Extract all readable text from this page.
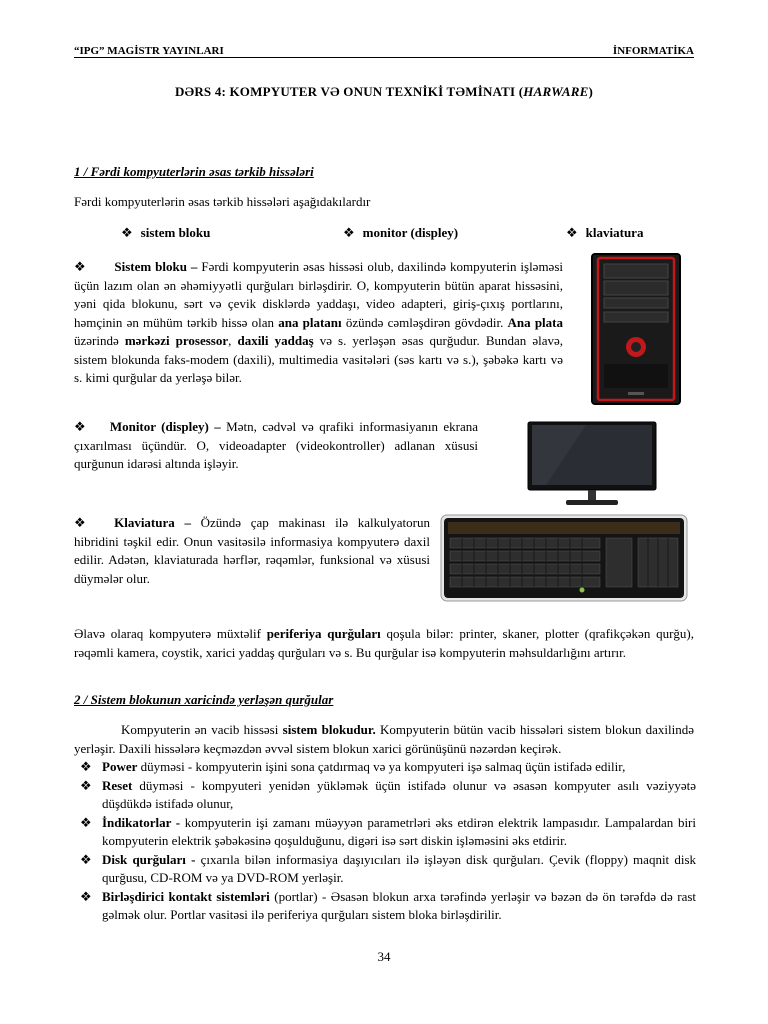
“IPG” MAGİSTR YAYINLARI	İNFORMATİKA
DƏRS 4: KOMPYUTER VƏ ONUN TEXNİKİ TƏMİNATI (HARWARE)
1 / Fərdi kompyuterlərin əsas tərkib hissələri
Fərdi kompyuterlərin əsas tərkib hissələri aşağıdakılardır
❖ sistem bloku	❖ monitor (displey)	❖ klaviatura
❖ Sistem bloku – Fərdi kompyuterin əsas hissəsi olub, daxilində kompyuterin işləməsi üçün lazım olan ən əhəmiyyətli qurğuları birləşdirir. O, kompyuterin bütün aparat hissəsini, yəni qida blokunu, sərt və çevik disklərdə yaddaşı, video adapteri, giriş-çıxış portlarını, həmçinin ən mühüm tərkib hissə olan ana platanı özündə cəmləşdirən gövdədir. Ana plata üzərində mərkəzi prosessor, daxili yaddaş və s. yerləşən əsas qurğudur. Bundan əlavə, sistem blokunda faks-modem (daxili), multimedia vasitələri (səs kartı və s.), şəbəkə kartı və s. kimi qurğular da yerləşə bilər.
❖ Monitor (displey) – Mətn, cədvəl və qrafiki informasiyanın ekrana çıxarılması üçündür. O, videoadapter (videokontroller) adlanan xüsusi qurğunun idarəsi altında işləyir.
❖ Klaviatura – Özündə çap makinası ilə kalkulyatorun hibridini təşkil edir. Onun vasitəsilə informasiya kompyuterə daxil edilir. Adətən, klaviaturada hərflər, rəqəmlər, funksional və xüsusi düymələr olur.
Əlavə olaraq kompyuterə müxtəlif periferiya qurğuları qoşula bilər: printer, skaner, plotter (qrafikçəkən qurğu), rəqəmli kamera, coystik, xarici yaddaş qurğuları və s. Bu qurğular isə kompyuterin məhsuldarlığını artırır.
2 / Sistem blokunun xaricində yerləşən qurğular
Kompyuterin ən vacib hissəsi sistem blokudur. Kompyuterin bütün vacib hissələri sistem blokun daxilində yerləşir. Daxili hissələrə keçməzdən əvvəl sistem blokun xarici görünüşünü nəzərdən keçirək.
❖ Power düyməsi - kompyuterin işini sona çatdırmaq və ya kompyuteri işə salmaq üçün istifadə edilir,
❖ Reset düyməsi - kompyuteri yenidən yükləmək üçün istifadə olunur və əsasən kompyuter asılı vəziyyətə düşdükdə istifadə olunur,
❖ İndikatorlar - kompyuterin işi zamanı müəyyən parametrləri əks etdirən elektrik lampasıdır. Lampalardan biri kompyuterin elektrik şəbəkəsinə qoşulduğunu, digəri isə sərt diskin işləməsini əks etdirir.
❖ Disk qurğuları - çıxarıla bilən informasiya daşıyıcıları ilə işləyən disk qurğuları. Çevik (floppy) maqnit disk qurğusu, CD-ROM və ya DVD-ROM yerləşir.
❖ Birləşdirici kontakt sistemləri (portlar) - Əsasən blokun arxa tərəfində yerləşir və bəzən də ön tərəfdə də rast gəlmək olur. Portlar vasitəsi ilə periferiya qurğuları sistem bloka birləşdirilir.
34
